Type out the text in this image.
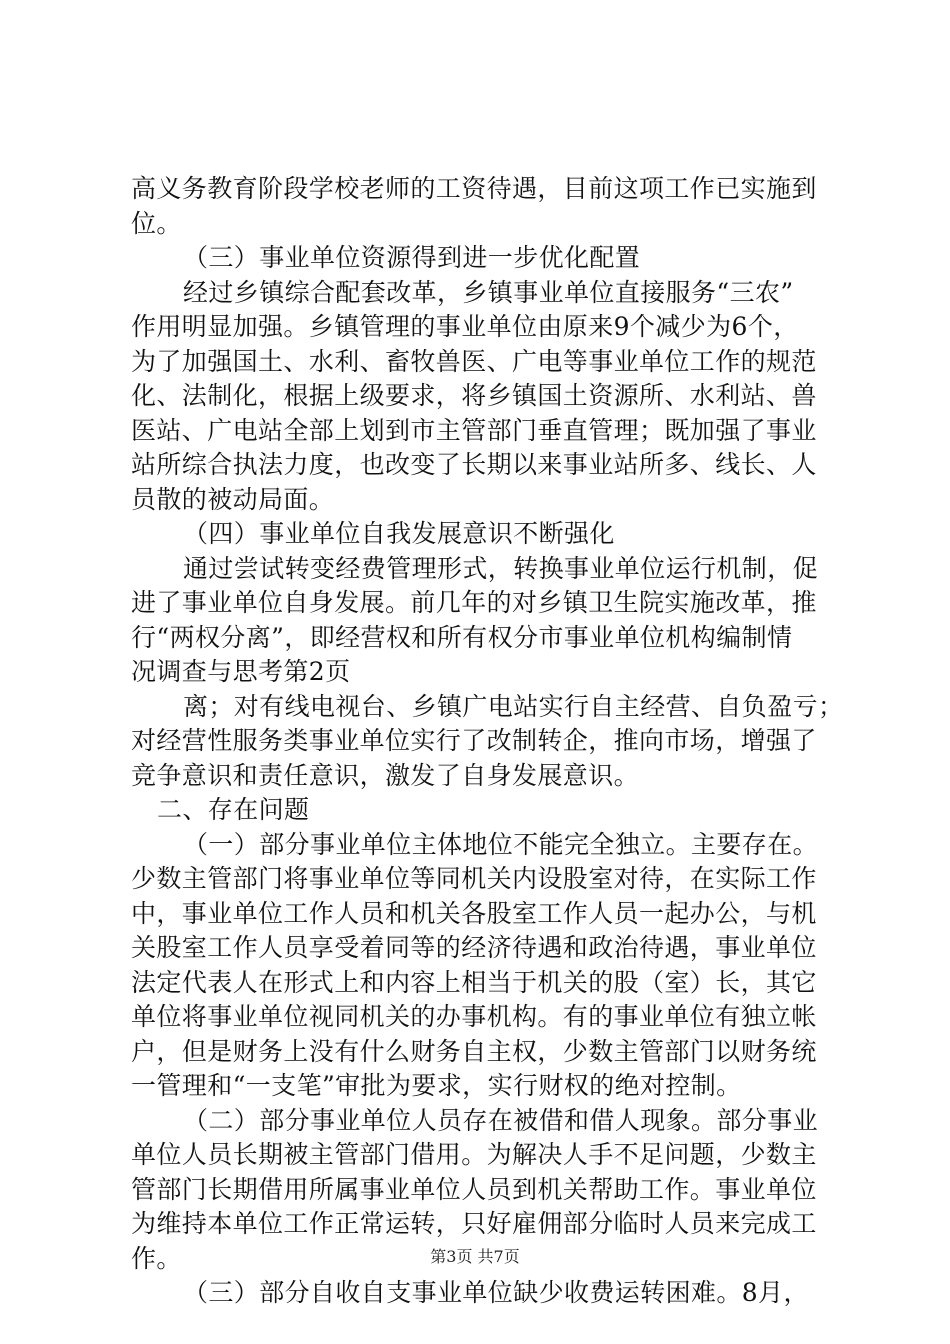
高义务教育阶段学校老师的工资待遇，目前这项工作已实施到
位。
（三）事业单位资源得到进一步优化配置
经过乡镇综合配套改革，乡镇事业单位直接服务“三农”
作用明显加强。乡镇管理的事业单位由原来9个减少为6个，
为了加强国土、水利、畜牧兽医、广电等事业单位工作的规范
化、法制化，根据上级要求，将乡镇国土资源所、水利站、兽
医站、广电站全部上划到市主管部门垂直管理；既加强了事业
站所综合执法力度，也改变了长期以来事业站所多、线长、人
员散的被动局面。
（四）事业单位自我发展意识不断强化
通过尝试转变经费管理形式，转换事业单位运行机制，促
进了事业单位自身发展。前几年的对乡镇卫生院实施改革，推
行“两权分离”，即经营权和所有权分市事业单位机构编制情
况调查与思考第2页
离；对有线电视台、乡镇广电站实行自主经营、自负盈亏；
对经营性服务类事业单位实行了改制转企，推向市场，增强了
竞争意识和责任意识，激发了自身发展意识。
二、存在问题
（一）部分事业单位主体地位不能完全独立。主要存在。
少数主管部门将事业单位等同机关内设股室对待，在实际工作
中，事业单位工作人员和机关各股室工作人员一起办公，与机
关股室工作人员享受着同等的经济待遇和政治待遇，事业单位
法定代表人在形式上和内容上相当于机关的股（室）长，其它
单位将事业单位视同机关的办事机构。有的事业单位有独立帐
户，但是财务上没有什么财务自主权，少数主管部门以财务统
一管理和“一支笔”审批为要求，实行财权的绝对控制。
（二）部分事业单位人员存在被借和借人现象。部分事业
单位人员长期被主管部门借用。为解决人手不足问题，少数主
管部门长期借用所属事业单位人员到机关帮助工作。事业单位
为维持本单位工作正常运转，只好雇佣部分临时人员来完成工
作。
（三）部分自收自支事业单位缺少收费运转困难。8月，
第3页 共7页
